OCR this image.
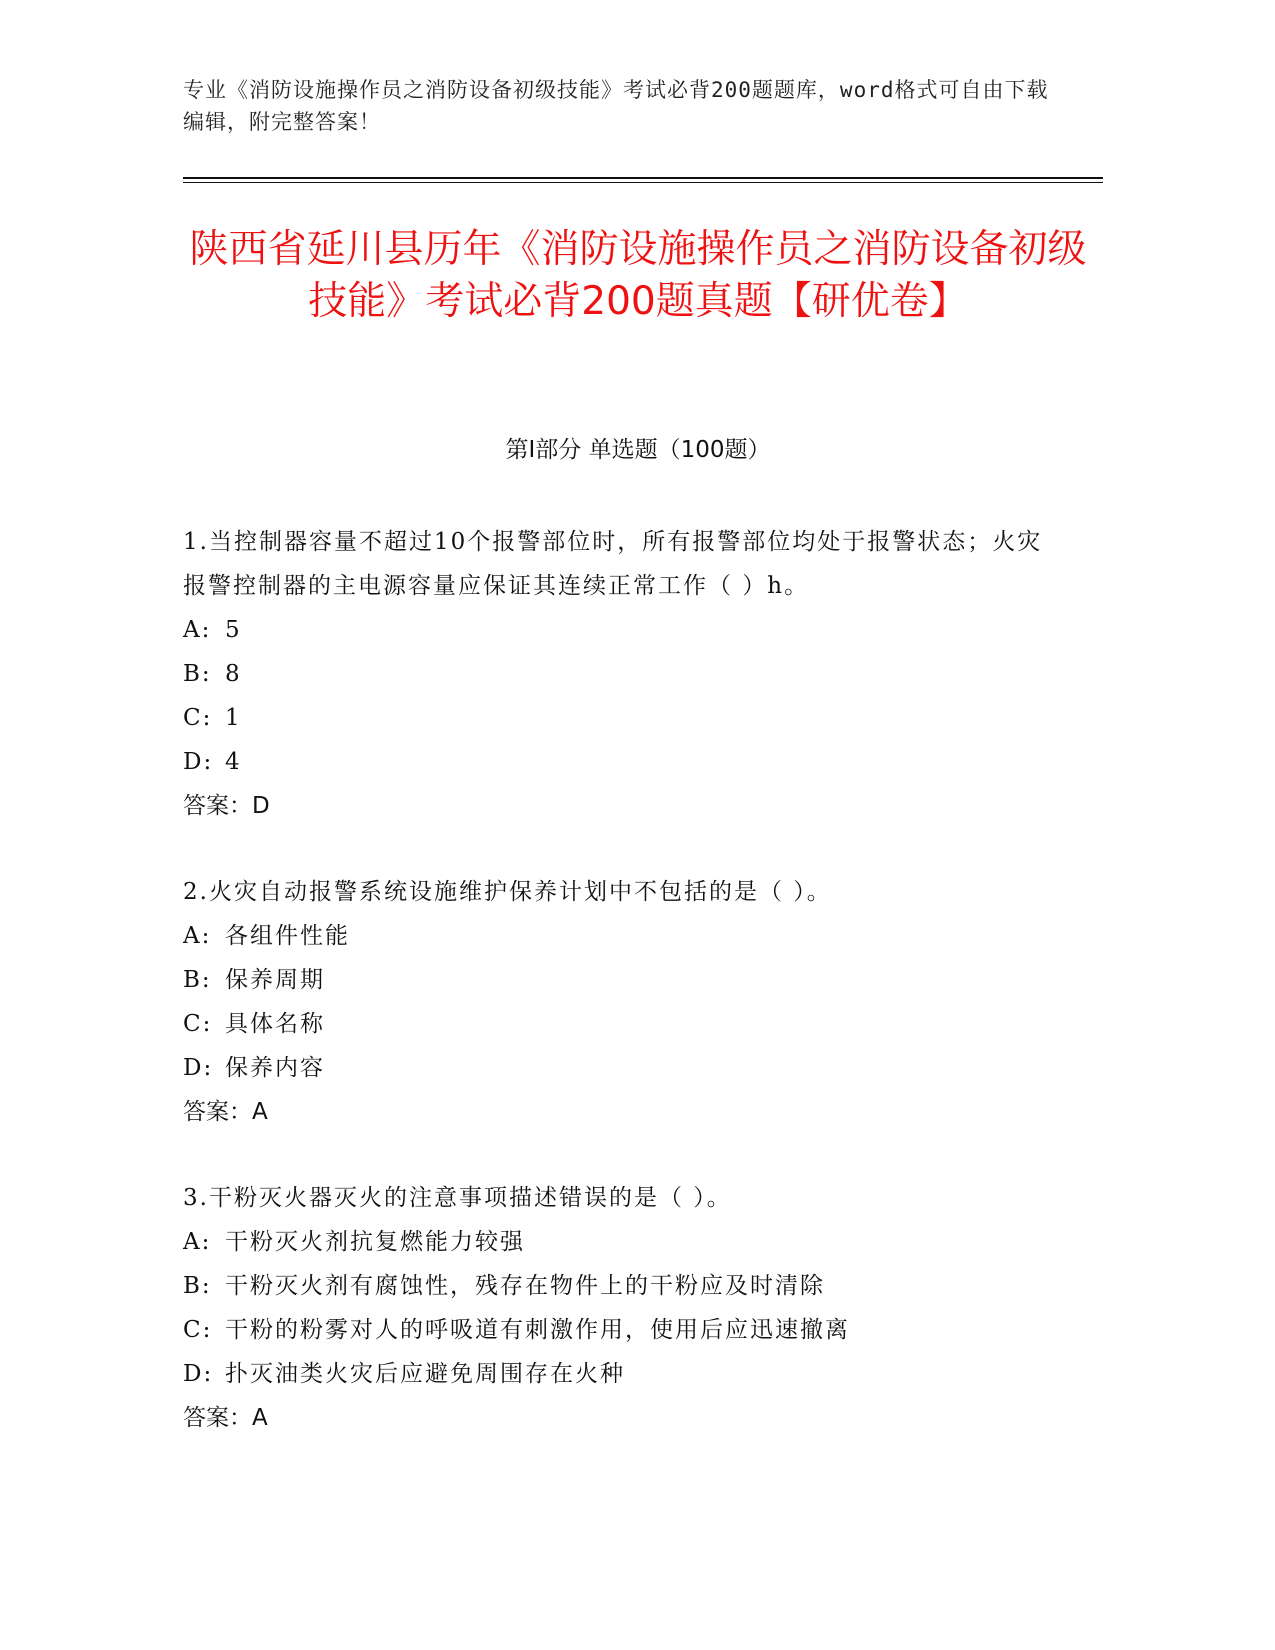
专业《消防设施操作员之消防设备初级技能》考试必背200题题库，word格式可自由下载编辑，附完整答案！
陕西省延川县历年《消防设施操作员之消防设备初级技能》考试必背200题真题【研优卷】
第I部分 单选题（100题）

1.当控制器容量不超过10个报警部位时，所有报警部位均处于报警状态；火灾报警控制器的主电源容量应保证其连续正常工作（ ）h。

A: 5

B: 8

C: 1

D: 4

答案：D

2.火灾自动报警系统设施维护保养计划中不包括的是（ ）。

A: 各组件性能

B: 保养周期

C: 具体名称

D: 保养内容

答案：A

3.干粉灭火器灭火的注意事项描述错误的是（ ）。

A: 干粉灭火剂抗复燃能力较强

B: 干粉灭火剂有腐蚀性，残存在物件上的干粉应及时清除

C: 干粉的粉雾对人的呼吸道有刺激作用，使用后应迅速撤离

D: 扑灭油类火灾后应避免周围存在火种

答案：A
